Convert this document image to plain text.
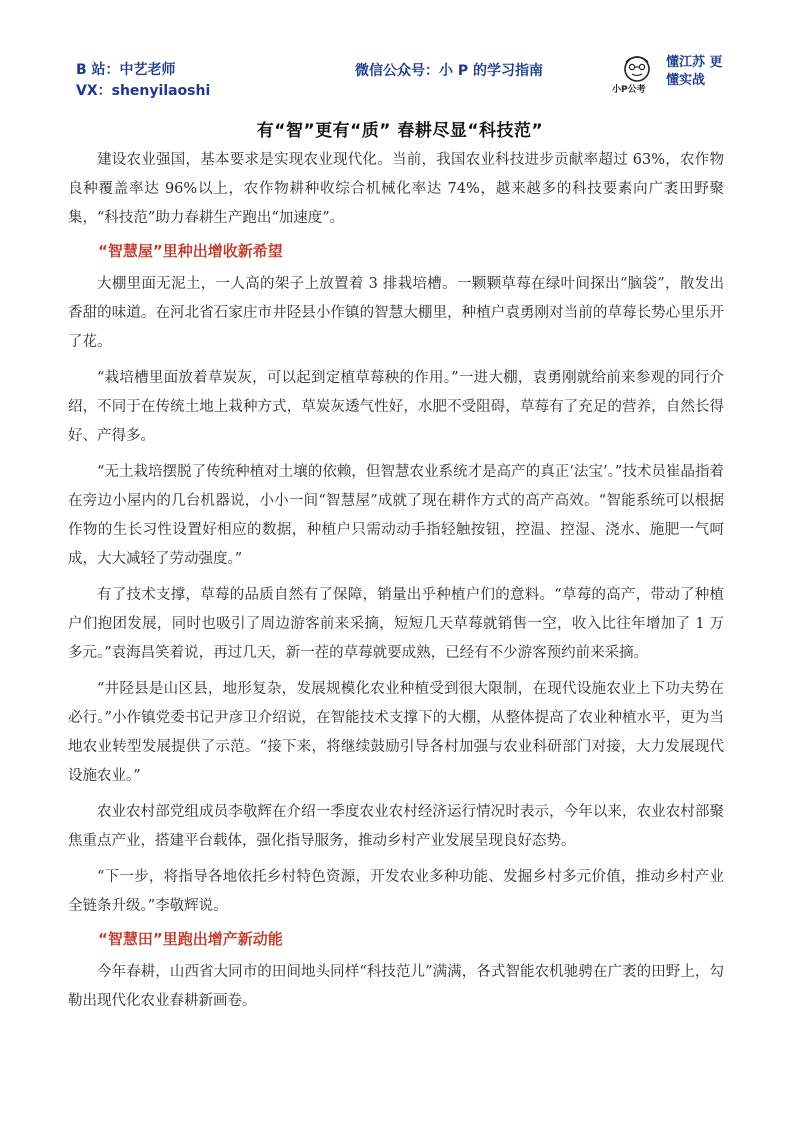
B 站：中艺老师
VX：shenyilaoshi
微信公众号：小 P 的学习指南
小P公考
懂江苏 更懂实战
有“智”更有“质” 春耕尽显“科技范”

建设农业强国，基本要求是实现农业现代化。当前，我国农业科技进步贡献率超过 63%，农作物良种覆盖率达 96%以上，农作物耕种收综合机械化率达 74%，越来越多的科技要素向广袤田野聚集，“科技范”助力春耕生产跑出“加速度”。

“智慧屋”里种出增收新希望

大棚里面无泥土，一人高的架子上放置着 3 排栽培槽。一颗颗草莓在绿叶间探出“脑袋”，散发出香甜的味道。在河北省石家庄市井陉县小作镇的智慧大棚里，种植户袁勇刚对当前的草莓长势心里乐开了花。

“栽培槽里面放着草炭灰，可以起到定植草莓秧的作用。”一进大棚，袁勇刚就给前来参观的同行介绍，不同于在传统土地上栽种方式，草炭灰透气性好，水肥不受阻碍，草莓有了充足的营养，自然长得好、产得多。

“无土栽培摆脱了传统种植对土壤的依赖，但智慧农业系统才是高产的真正‘法宝’。”技术员崔晶指着在旁边小屋内的几台机器说，小小一间“智慧屋”成就了现在耕作方式的高产高效。“智能系统可以根据作物的生长习性设置好相应的数据，种植户只需动动手指轻触按钮，控温、控湿、浇水、施肥一气呵成，大大减轻了劳动强度。”

有了技术支撑，草莓的品质自然有了保障，销量出乎种植户们的意料。“草莓的高产，带动了种植户们抱团发展，同时也吸引了周边游客前来采摘，短短几天草莓就销售一空，收入比往年增加了 1 万多元。”袁海昌笑着说，再过几天，新一茬的草莓就要成熟，已经有不少游客预约前来采摘。

“井陉县是山区县，地形复杂，发展规模化农业种植受到很大限制，在现代设施农业上下功夫势在必行。”小作镇党委书记尹彦卫介绍说，在智能技术支撑下的大棚，从整体提高了农业种植水平，更为当地农业转型发展提供了示范。“接下来，将继续鼓励引导各村加强与农业科研部门对接，大力发展现代设施农业。”

农业农村部党组成员李敬辉在介绍一季度农业农村经济运行情况时表示，今年以来，农业农村部聚焦重点产业，搭建平台载体，强化指导服务，推动乡村产业发展呈现良好态势。

“下一步，将指导各地依托乡村特色资源，开发农业多种功能、发掘乡村多元价值，推动乡村产业全链条升级。”李敬辉说。

“智慧田”里跑出增产新动能

今年春耕，山西省大同市的田间地头同样“科技范儿”满满，各式智能农机驰骋在广袤的田野上，勾勒出现代化农业春耕新画卷。
